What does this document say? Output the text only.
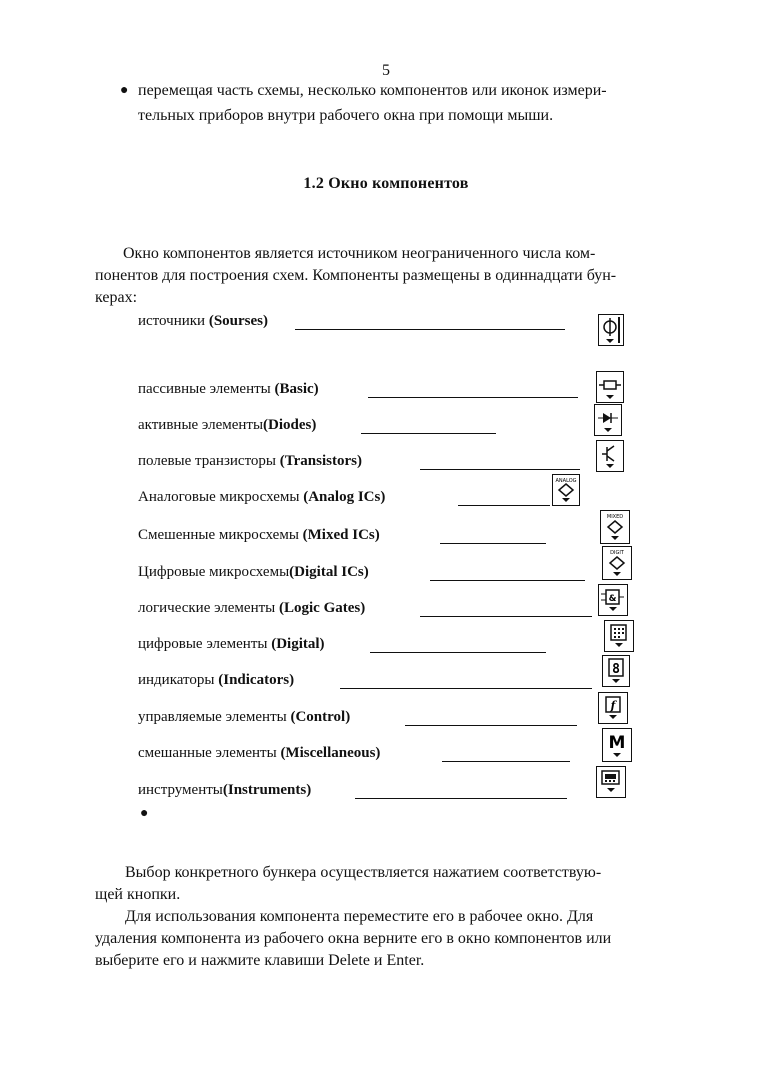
5
● перемещая часть схемы, несколько компонентов или иконок измери-
тельных приборов внутри рабочего окна при помощи мыши.
1.2 Окно компонентов
Окно компонентов является источником неограниченного числа ком-
понентов для построения схем. Компоненты размещены в одиннадцати бун-
керах:
источники (Sourses)
пассивные элементы (Basic)
активные элементы(Diodes)
полевые транзисторы (Transistors)
Аналоговые микросхемы (Analog ICs)
ANALOG
Смешенные микросхемы (Mixed ICs)
MIXED
Цифровые микросхемы(Digital ICs)
DIGIT
логические элементы (Logic Gates)
&
цифровые элементы (Digital)
индикаторы (Indicators)
8
управляемые элементы (Control)
f
смешанные элементы (Miscellaneous)	M
инструменты(Instruments)
●

Выбор конкретного бункера осуществляется нажатием соответствую-
щей кнопки.

Для использования компонента переместите его в рабочее окно. Для
удаления компонента из рабочего окна верните его в окно компонентов или
выберите его и нажмите клавиши Delete и Enter.
